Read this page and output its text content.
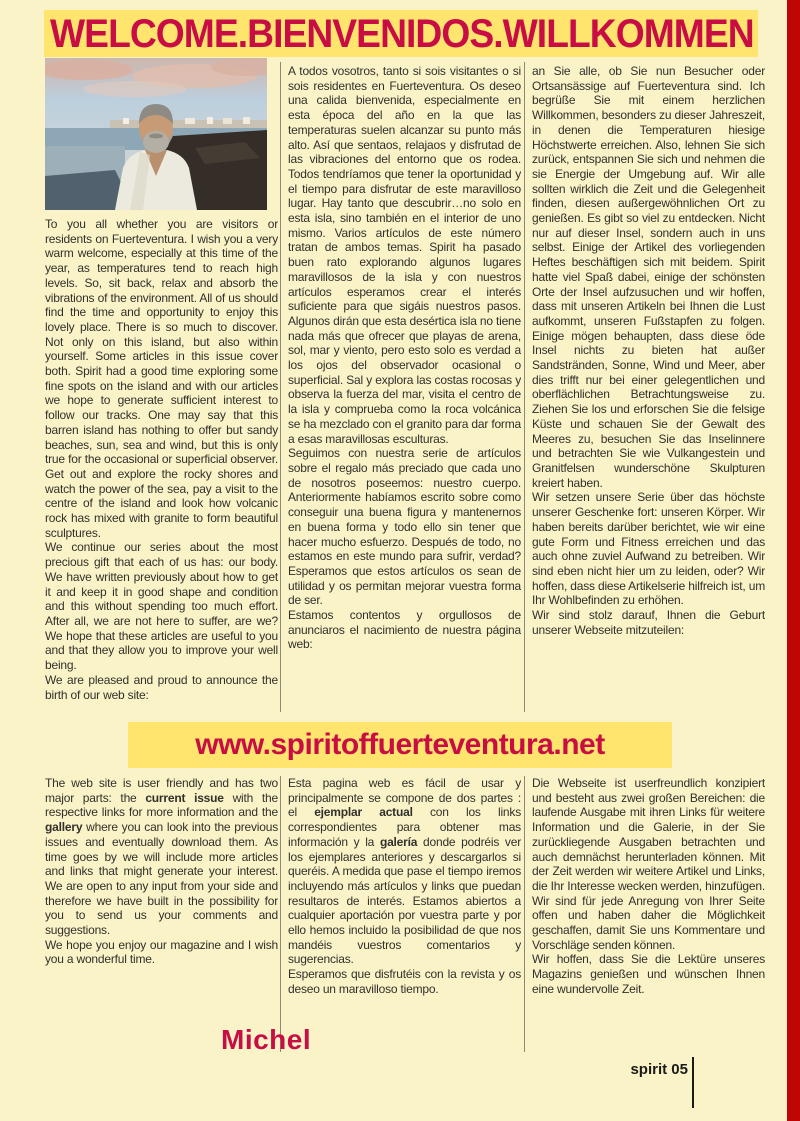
WELCOME.BIENVENIDOS.WILLKOMMEN

To you all whether you are visitors or residents on Fuerteventura. I wish you a very warm welcome, especially at this time of the year, as temperatures tend to reach high levels. So, sit back, relax and absorb the vibrations of the environment. All of us should find the time and opportunity to enjoy this lovely place. There is so much to discover. Not only on this island, but also within yourself. Some articles in this issue cover both. Spirit had a good time exploring some fine spots on the island and with our articles we hope to generate sufficient interest to follow our tracks. One may say that this barren island has nothing to offer but sandy beaches, sun, sea and wind, but this is only true for the occasional or superficial observer. Get out and explore the rocky shores and watch the power of the sea, pay a visit to the centre of the island and look how volcanic rock has mixed with granite to form beautiful sculptures.

We continue our series about the most precious gift that each of us has: our body. We have written previously about how to get it and keep it in good shape and condition and this without spending too much effort. After all, we are not here to suffer, are we? We hope that these articles are useful to you and that they allow you to improve your well being.

We are pleased and proud to announce the birth of our web site:

A todos vosotros, tanto si sois visitantes o si sois residentes en Fuerteventura. Os deseo una calida bienvenida, especialmente en esta época del año en la que las temperaturas suelen alcanzar su punto más alto. Así que sentaos, relajaos y disfrutad de las vibraciones del entorno que os rodea. Todos tendríamos que tener la oportunidad y el tiempo para disfrutar de este maravilloso lugar. Hay tanto que descubrir…no solo en esta isla, sino también en el interior de uno mismo. Varios artículos de este número tratan de ambos temas. Spirit ha pasado buen rato explorando algunos lugares maravillosos de la isla y con nuestros artículos esperamos crear el interés suficiente para que sigáis nuestros pasos. Algunos dirán que esta desértica isla no tiene nada más que ofrecer que playas de arena, sol, mar y viento, pero esto solo es verdad a los ojos del observador ocasional o superficial. Sal y explora las costas rocosas y observa la fuerza del mar, visita el centro de la isla y comprueba como la roca volcánica se ha mezclado con el granito para dar forma a esas maravillosas esculturas.

Seguimos con nuestra serie de artículos sobre el regalo más preciado que cada uno de nosotros poseemos: nuestro cuerpo. Anteriormente habíamos escrito sobre como conseguir una buena figura y mantenernos en buena forma y todo ello sin tener que hacer mucho esfuerzo. Después de todo, no estamos en este mundo para sufrir, verdad? Esperamos que estos artículos os sean de utilidad y os permitan mejorar vuestra forma de ser.

Estamos contentos y orgullosos de anunciaros el nacimiento de nuestra página web:

an Sie alle, ob Sie nun Besucher oder Ortsansässige auf Fuerteventura sind. Ich begrüße Sie mit einem herzlichen Willkommen, besonders zu dieser Jahreszeit, in denen die Temperaturen hiesige Höchstwerte erreichen. Also, lehnen Sie sich zurück, entspannen Sie sich und nehmen die sie Energie der Umgebung auf. Wir alle sollten wirklich die Zeit und die Gelegenheit finden, diesen außergewöhnlichen Ort zu genießen. Es gibt so viel zu entdecken. Nicht nur auf dieser Insel, sondern auch in uns selbst. Einige der Artikel des vorliegenden Heftes beschäftigen sich mit beidem. Spirit hatte viel Spaß dabei, einige der schönsten Orte der Insel aufzusuchen und wir hoffen, dass mit unseren Artikeln bei Ihnen die Lust aufkommt, unseren Fußstapfen zu folgen. Einige mögen behaupten, dass diese öde Insel nichts zu bieten hat außer Sandstränden, Sonne, Wind und Meer, aber dies trifft nur bei einer gelegentlichen und oberflächlichen Betrachtungsweise zu. Ziehen Sie los und erforschen Sie die felsige Küste und schauen Sie der Gewalt des Meeres zu, besuchen Sie das Inselinnere und betrachten Sie wie Vulkangestein und Granitfelsen wunderschöne Skulpturen kreiert haben.

Wir setzen unsere Serie über das höchste unserer Geschenke fort: unseren Körper. Wir haben bereits darüber berichtet, wie wir eine gute Form und Fitness erreichen und das auch ohne zuviel Aufwand zu betreiben. Wir sind eben nicht hier um zu leiden, oder? Wir hoffen, dass diese Artikelserie hilfreich ist, um Ihr Wohlbefinden zu erhöhen.

Wir sind stolz darauf, Ihnen die Geburt unserer Webseite mitzuteilen:

www.spiritoffuerteventura.net

The web site is user friendly and has two major parts: the current issue with the respective links for more information and the gallery where you can look into the previous issues and eventually download them. As time goes by we will include more articles and links that might generate your interest. We are open to any input from your side and therefore we have built in the possibility for you to send us your comments and suggestions.

We hope you enjoy our magazine and I wish you a wonderful time.

Esta pagina web es fácil de usar y principalmente se compone de dos partes : el ejemplar actual con los links correspondientes para obtener mas información y la galería donde podréis ver los ejemplares anteriores y descargarlos si queréis. A medida que pase el tiempo iremos incluyendo más artículos y links que puedan resultaros de interés. Estamos abiertos a cualquier aportación por vuestra parte y por ello hemos incluido la posibilidad de que nos mandéis vuestros comentarios y sugerencias.

Esperamos que disfrutéis con la revista y os deseo un maravilloso tiempo.

Die Webseite ist userfreundlich konzipiert und besteht aus zwei großen Bereichen: die laufende Ausgabe mit ihren Links für weitere Information und die Galerie, in der Sie zurückliegende Ausgaben betrachten und auch demnächst herunterladen können. Mit der Zeit werden wir weitere Artikel und Links, die Ihr Interesse wecken werden, hinzufügen. Wir sind für jede Anregung von Ihrer Seite offen und haben daher die Möglichkeit geschaffen, damit Sie uns Kommentare und Vorschläge senden können.

Wir hoffen, dass Sie die Lektüre unseres Magazins genießen und wünschen Ihnen eine wundervolle Zeit.

Michel
spirit 05
